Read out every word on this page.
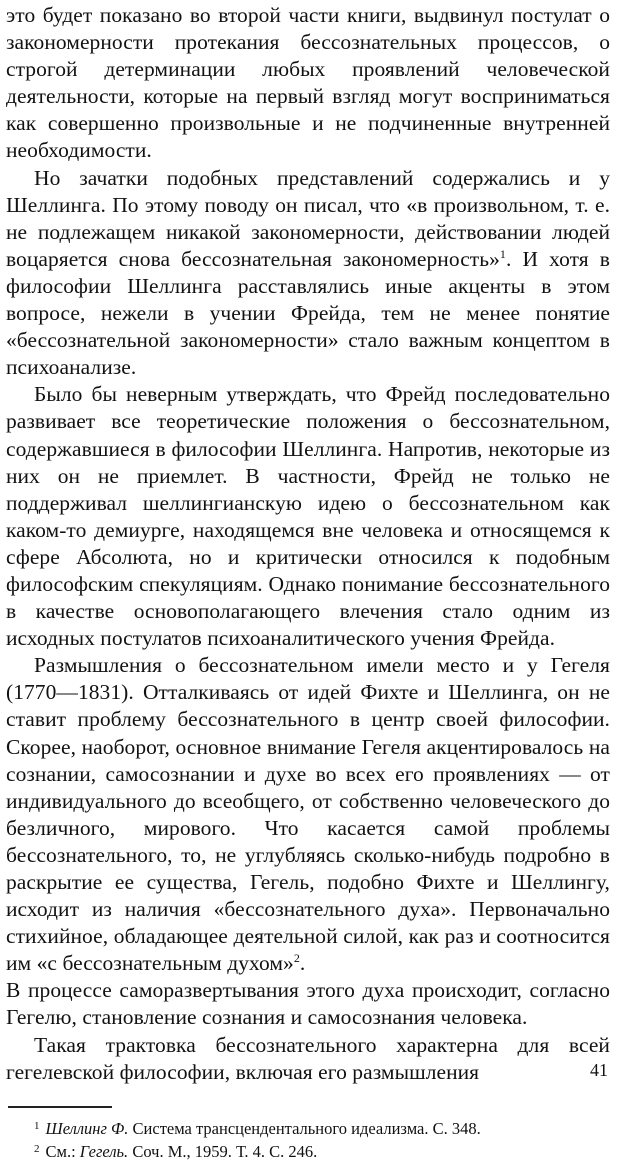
это будет показано во второй части книги, выдвинул постулат о закономерности протекания бессознательных процессов, о строгой детерминации любых проявлений человеческой деятельности, которые на первый взгляд могут восприниматься как совершенно произвольные и не подчиненные внутренней необходимости.

Но зачатки подобных представлений содержались и у Шеллинга. По этому поводу он писал, что «в произвольном, т. е. не подлежащем никакой закономерности, действовании людей воцаряется снова бессознательная закономерность»$^1$. И хотя в философии Шеллинга расставлялись иные акценты в этом вопросе, нежели в учении Фрейда, тем не менее понятие «бессознательной закономерности» стало важным концептом в психоанализе.

Было бы неверным утверждать, что Фрейд последовательно развивает все теоретические положения о бессознательном, содержавшиеся в философии Шеллинга. Напротив, некоторые из них он не приемлет. В частности, Фрейд не только не поддерживал шеллингианскую идею о бессознательном как каком-то демиурге, находящемся вне человека и относящемся к сфере Абсолюта, но и критически относился к подобным философским спекуляциям. Однако понимание бессознательного в качестве основополагающего влечения стало одним из исходных постулатов психоаналитического учения Фрейда.

Размышления о бессознательном имели место и у Гегеля (1770—1831). Отталкиваясь от идей Фихте и Шеллинга, он не ставит проблему бессознательного в центр своей философии. Скорее, наоборот, основное внимание Гегеля акцентировалось на сознании, самосознании и духе во всех его проявлениях — от индивидуального до всеобщего, от собственно человеческого до безличного, мирового. Что касается самой проблемы бессознательного, то, не углубляясь сколько-нибудь подробно в раскрытие ее существа, Гегель, подобно Фихте и Шеллингу, исходит из наличия «бессознательного духа». Первоначально стихийное, обладающее деятельной силой, как раз и соотносится им «с бессознательным духом»$^2$.

В процессе саморазвертывания этого духа происходит, согласно Гегелю, становление сознания и самосознания человека.

Такая трактовка бессознательного характерна для всей гегелевской философии, включая его размышления

$^1$ Шеллинг Ф. Система трансцендентального идеализма. С. 348.

$^2$ См.: Гегель. Соч. М., 1959. Т. 4. С. 246.

41
